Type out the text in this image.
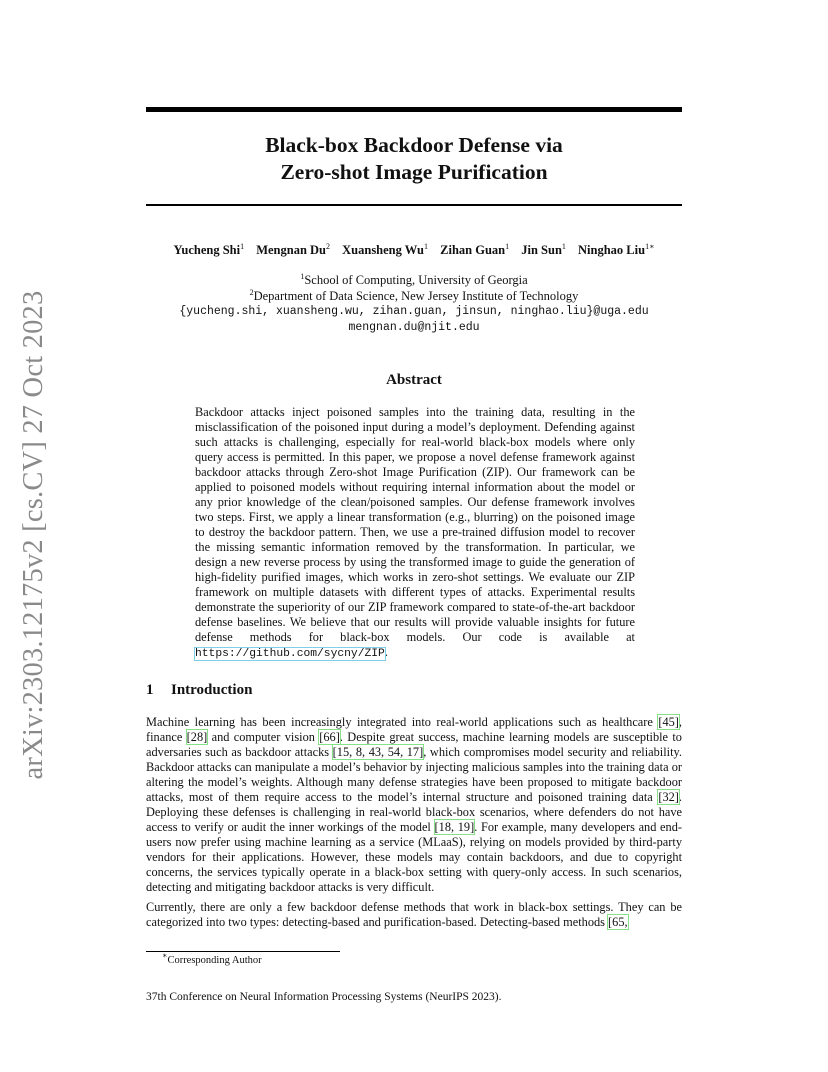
arXiv:2303.12175v2 [cs.CV] 27 Oct 2023
Black-box Backdoor Defense via
Zero-shot Image Purification
Yucheng Shi$^1$ Mengnan Du$^2$ Xuansheng Wu$^1$ Zihan Guan$^1$ Jin Sun$^1$ Ninghao Liu$^{1∗}$
$^1$School of Computing, University of Georgia
$^2$Department of Data Science, New Jersey Institute of Technology
{yucheng.shi, xuansheng.wu, zihan.guan, jinsun, ninghao.liu}@uga.edu
mengnan.du@njit.edu
Abstract
Backdoor attacks inject poisoned samples into the training data, resulting in the misclassification of the poisoned input during a model’s deployment. Defending against such attacks is challenging, especially for real-world black-box models where only query access is permitted. In this paper, we propose a novel defense framework against backdoor attacks through Zero-shot Image Purification (ZIP). Our framework can be applied to poisoned models without requiring internal information about the model or any prior knowledge of the clean/poisoned samples. Our defense framework involves two steps. First, we apply a linear transformation (e.g., blurring) on the poisoned image to destroy the backdoor pattern. Then, we use a pre-trained diffusion model to recover the missing semantic information removed by the transformation. In particular, we design a new reverse process by using the transformed image to guide the generation of high-fidelity purified images, which works in zero-shot settings. We evaluate our ZIP framework on multiple datasets with different types of attacks. Experimental results demonstrate the superiority of our ZIP framework compared to state-of-the-art backdoor defense baselines. We believe that our results will provide valuable insights for future defense methods for black-box models. Our code is available at https://github.com/sycny/ZIP.
1 Introduction

Machine learning has been increasingly integrated into real-world applications such as healthcare [45], finance [28] and computer vision [66]. Despite great success, machine learning models are susceptible to adversaries such as backdoor attacks [15, 8, 43, 54, 17], which compromises model security and reliability. Backdoor attacks can manipulate a model’s behavior by injecting malicious samples into the training data or altering the model’s weights. Although many defense strategies have been proposed to mitigate backdoor attacks, most of them require access to the model’s internal structure and poisoned training data [32]. Deploying these defenses is challenging in real-world black-box scenarios, where defenders do not have access to verify or audit the inner workings of the model [18, 19]. For example, many developers and end-users now prefer using machine learning as a service (MLaaS), relying on models provided by third-party vendors for their applications. However, these models may contain backdoors, and due to copyright concerns, the services typically operate in a black-box setting with query-only access. In such scenarios, detecting and mitigating backdoor attacks is very difficult.

Currently, there are only a few backdoor defense methods that work in black-box settings. They can be categorized into two types: detecting-based and purification-based. Detecting-based methods [65,

∗Corresponding Author
37th Conference on Neural Information Processing Systems (NeurIPS 2023).
